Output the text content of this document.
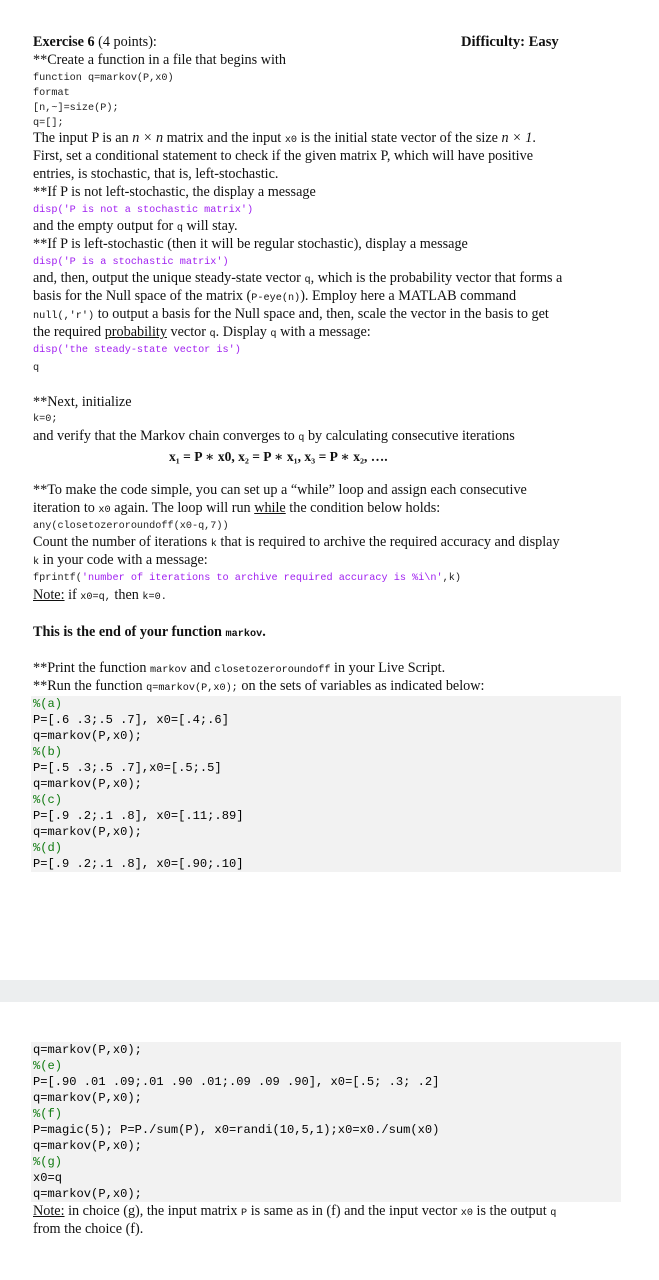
Exercise 6 (4 points):	Difficulty: Easy
**Create a function in a file that begins with
function q=markov(P,x0)
format
[n,~]=size(P);
q=[];
The input P is an n × n matrix and the input x0 is the initial state vector of the size n × 1.
First, set a conditional statement to check if the given matrix P, which will have positive
entries, is stochastic, that is, left-stochastic.
**If P is not left-stochastic, the display a message
disp('P is not a stochastic matrix')
and the empty output for q will stay.
**If P is left-stochastic (then it will be regular stochastic), display a message
disp('P is a stochastic matrix')
and, then, output the unique steady-state vector q, which is the probability vector that forms a
basis for the Null space of the matrix (P-eye(n)). Employ here a MATLAB command
null(,'r') to output a basis for the Null space and, then, scale the vector in the basis to get
the required probability vector q. Display q with a message:
disp('the steady-state vector is')
q
**Next, initialize
k=0;
and verify that the Markov chain converges to q by calculating consecutive iterations
x₁ = P ∗ x0, x₂ = P ∗ x₁, x₃ = P ∗ x₂, ….
**To make the code simple, you can set up a “while” loop and assign each consecutive
iteration to x0 again. The loop will run while the condition below holds:
any(closetozeroroundoff(x0-q,7))
Count the number of iterations k that is required to archive the required accuracy and display
k in your code with a message:
fprintf('number of iterations to archive required accuracy is %i\n',k)
Note: if x0=q, then k=0.
This is the end of your function markov.
**Print the function markov and closetozeroroundoff in your Live Script.
**Run the function q=markov(P,x0); on the sets of variables as indicated below:
%(a)
P=[.6 .3;.5 .7], x0=[.4;.6]
q=markov(P,x0);
%(b)
P=[.5 .3;.5 .7],x0=[.5;.5]
q=markov(P,x0);
%(c)
P=[.9 .2;.1 .8], x0=[.11;.89]
q=markov(P,x0);
%(d)
P=[.9 .2;.1 .8], x0=[.90;.10]
q=markov(P,x0);
%(e)
P=[.90 .01 .09;.01 .90 .01;.09 .09 .90], x0=[.5; .3; .2]
q=markov(P,x0);
%(f)
P=magic(5); P=P./sum(P), x0=randi(10,5,1);x0=x0./sum(x0)
q=markov(P,x0);
%(g)
x0=q
q=markov(P,x0);
Note: in choice (g), the input matrix P is same as in (f) and the input vector x0 is the output q
from the choice (f).
